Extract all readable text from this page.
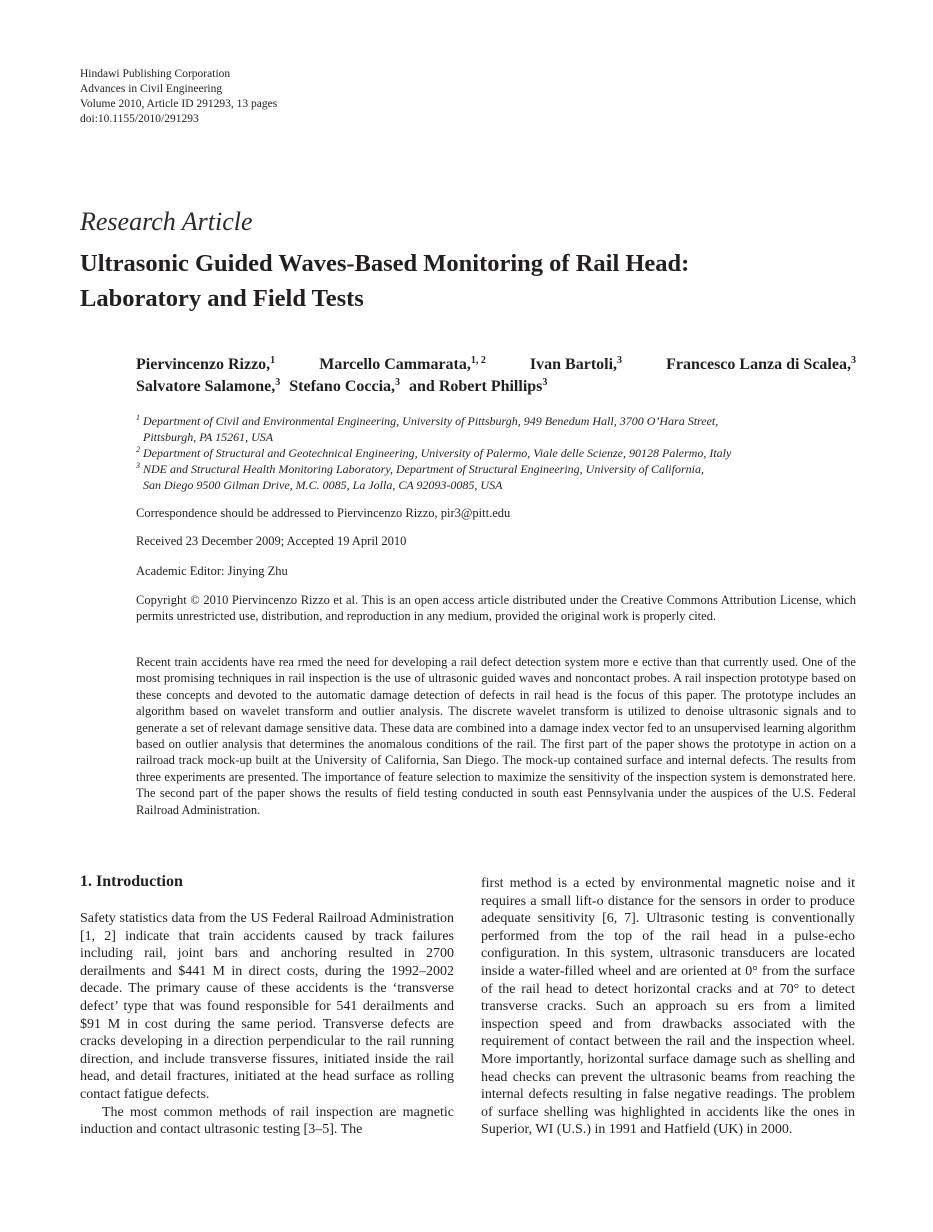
Hindawi Publishing Corporation
Advances in Civil Engineering
Volume 2010, Article ID 291293, 13 pages
doi:10.1155/2010/291293
Research Article
Ultrasonic Guided Waves-Based Monitoring of Rail Head:
Laboratory and Field Tests
Piervincenzo Rizzo,$^1$	Marcello Cammarata,$^{1, 2}$	Ivan Bartoli,$^3$	Francesco Lanza di Scalea,$^3$
Salvatore Salamone,$^3$ Stefano Coccia,$^3$ and Robert Phillips$^3$
1 Department of Civil and Environmental Engineering, University of Pittsburgh, 949 Benedum Hall, 3700 O’Hara Street,
Pittsburgh, PA 15261, USA
2 Department of Structural and Geotechnical Engineering, University of Palermo, Viale delle Scienze, 90128 Palermo, Italy
3 NDE and Structural Health Monitoring Laboratory, Department of Structural Engineering, University of California,
San Diego 9500 Gilman Drive, M.C. 0085, La Jolla, CA 92093-0085, USA
Correspondence should be addressed to Piervincenzo Rizzo, pir3@pitt.edu
Received 23 December 2009; Accepted 19 April 2010
Academic Editor: Jinying Zhu
Copyright © 2010 Piervincenzo Rizzo et al. This is an open access article distributed under the Creative Commons Attribution License, which permits unrestricted use, distribution, and reproduction in any medium, provided the original work is properly cited.
Recent train accidents have rea rmed the need for developing a rail defect detection system more e ective than that currently used. One of the most promising techniques in rail inspection is the use of ultrasonic guided waves and noncontact probes. A rail inspection prototype based on these concepts and devoted to the automatic damage detection of defects in rail head is the focus of this paper. The prototype includes an algorithm based on wavelet transform and outlier analysis. The discrete wavelet transform is utilized to denoise ultrasonic signals and to generate a set of relevant damage sensitive data. These data are combined into a damage index vector fed to an unsupervised learning algorithm based on outlier analysis that determines the anomalous conditions of the rail. The first part of the paper shows the prototype in action on a railroad track mock-up built at the University of California, San Diego. The mock-up contained surface and internal defects. The results from three experiments are presented. The importance of feature selection to maximize the sensitivity of the inspection system is demonstrated here. The second part of the paper shows the results of field testing conducted in south east Pennsylvania under the auspices of the U.S. Federal Railroad Administration.
1. Introduction

Safety statistics data from the US Federal Railroad Administration [1, 2] indicate that train accidents caused by track failures including rail, joint bars and anchoring resulted in 2700 derailments and $441 M in direct costs, during the 1992–2002 decade. The primary cause of these accidents is the ‘transverse defect’ type that was found responsible for 541 derailments and $91 M in cost during the same period. Transverse defects are cracks developing in a direction perpendicular to the rail running direction, and include transverse fissures, initiated inside the rail head, and detail fractures, initiated at the head surface as rolling contact fatigue defects.

The most common methods of rail inspection are magnetic induction and contact ultrasonic testing [3–5]. The

first method is a ected by environmental magnetic noise and it requires a small lift-o distance for the sensors in order to produce adequate sensitivity [6, 7]. Ultrasonic testing is conventionally performed from the top of the rail head in a pulse-echo configuration. In this system, ultrasonic transducers are located inside a water-filled wheel and are oriented at 0° from the surface of the rail head to detect horizontal cracks and at 70° to detect transverse cracks. Such an approach su ers from a limited inspection speed and from drawbacks associated with the requirement of contact between the rail and the inspection wheel. More importantly, horizontal surface damage such as shelling and head checks can prevent the ultrasonic beams from reaching the internal defects resulting in false negative readings. The problem of surface shelling was highlighted in accidents like the ones in Superior, WI (U.S.) in 1991 and Hatfield (UK) in 2000.
